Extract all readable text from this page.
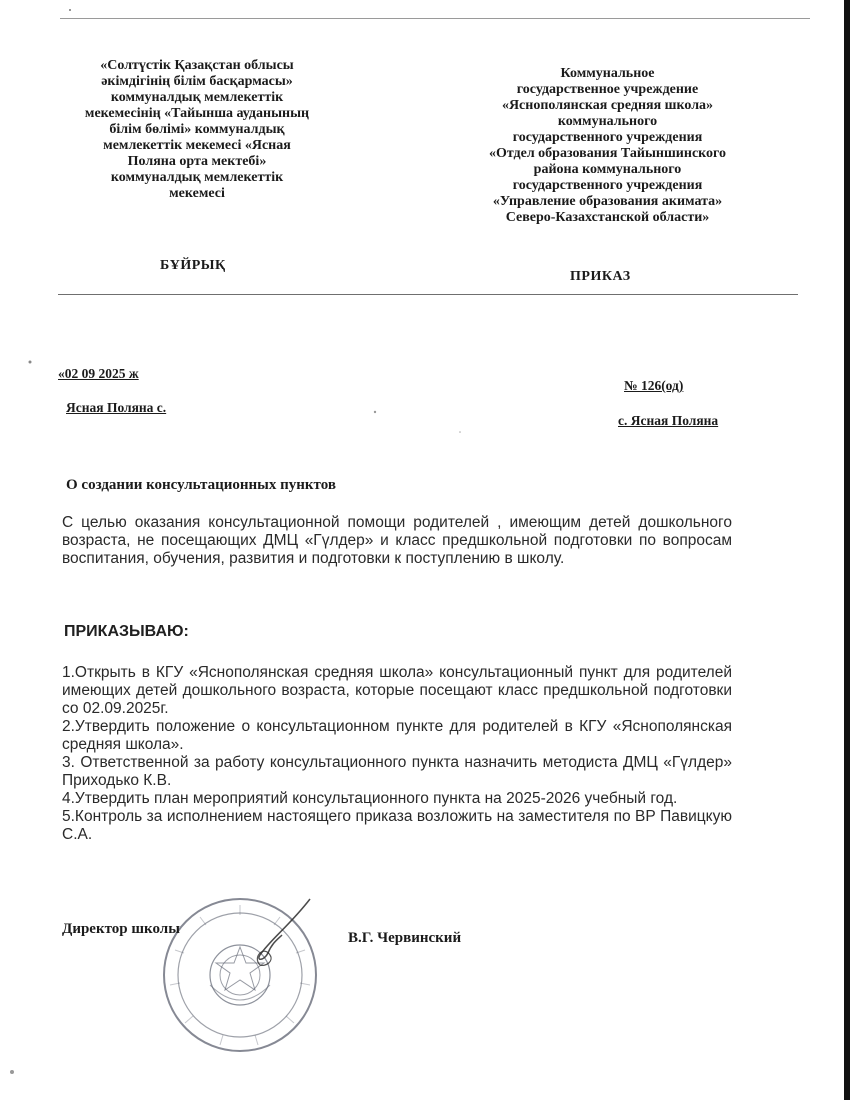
«Солтүстік Қазақстан облысы
әкімдігінің білім басқармасы»
коммуналдық мемлекеттік
мекемесінің «Тайынша ауданының
білім бөлімі» коммуналдық
мемлекеттік мекемесі «Ясная
Поляна орта мектебі»
коммуналдық мемлекеттік
мекемесі
Коммунальное
государственное учреждение
«Яснополянская средняя школа»
коммунального
государственного учреждения
«Отдел образования Тайыншинского
района коммунального
государственного учреждения
«Управление образования акимата»
Северо-Казахстанской области»
БҰЙРЫҚ
ПРИКАЗ
«02 09 2025 ж
№ 126(од)
Ясная Поляна с.
с. Ясная Поляна
О создании консультационных пунктов
С целью оказания консультационной помощи родителей , имеющим детей дошкольного возраста, не посещающих ДМЦ «Гүлдер» и класс предшкольной подготовки по вопросам воспитания, обучения, развития и подготовки к поступлению в школу.
ПРИКАЗЫВАЮ:

1.Открыть в КГУ «Яснополянская средняя школа» консультационный пункт для родителей имеющих детей дошкольного возраста, которые посещают класс предшкольной подготовки со 02.09.2025г.

2.Утвердить положение о консультационном пункте для родителей в КГУ «Яснополянская средняя школа».

3. Ответственной за работу консультационного пункта назначить методиста ДМЦ «Гүлдер» Приходько К.В.

4.Утвердить план мероприятий консультационного пункта на 2025-2026 учебный год.

5.Контроль за исполнением настоящего приказа возложить на заместителя по ВР Павицкую С.А.

Директор школы
В.Г. Червинский
